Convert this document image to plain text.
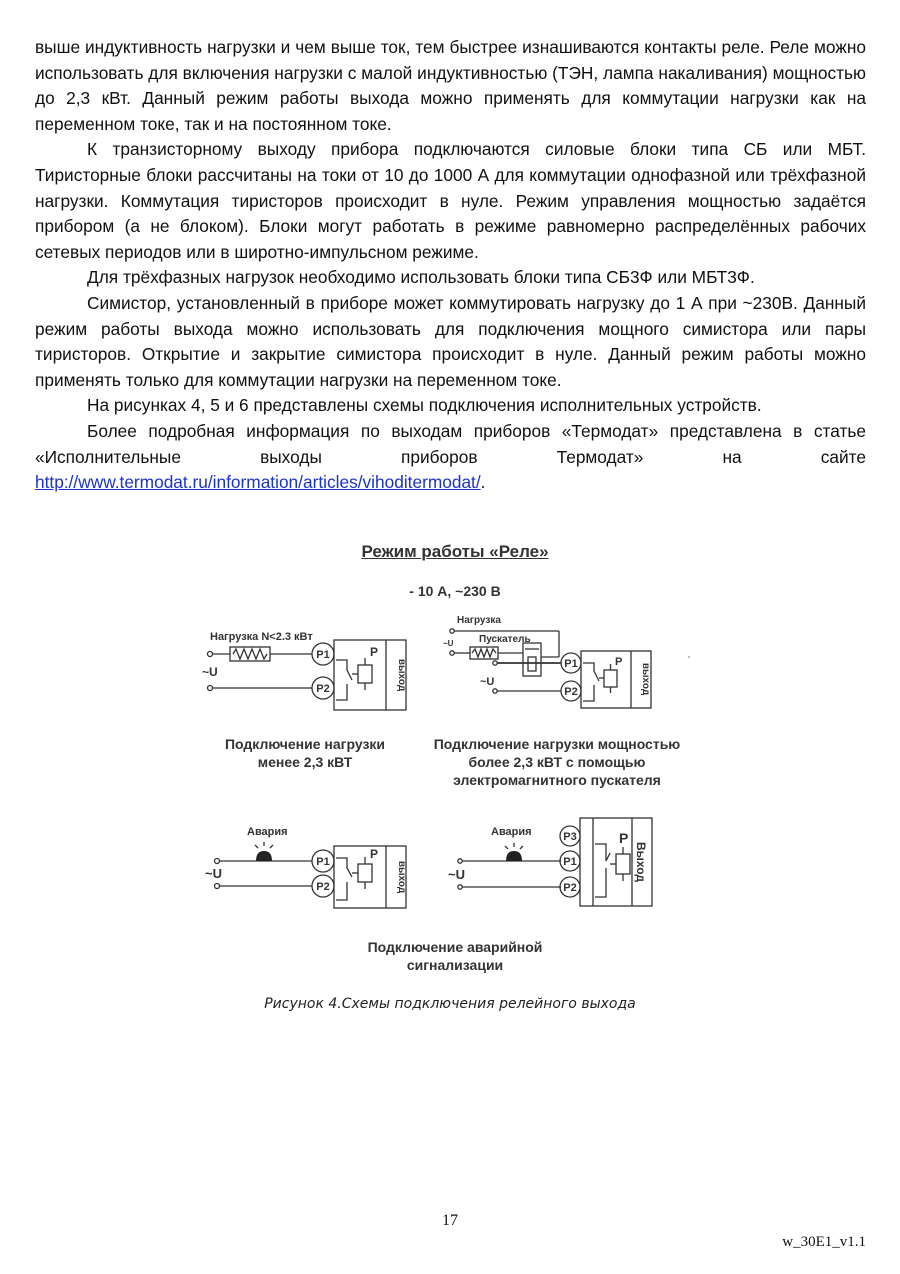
выше индуктивность нагрузки и чем выше ток, тем быстрее изнашиваются контакты реле. Реле можно использовать для включения нагрузки с малой индуктивностью (ТЭН, лампа накаливания) мощностью до 2,3 кВт. Данный режим работы выхода можно применять для коммутации нагрузки как на переменном токе, так и на постоянном токе.

К транзисторному выходу прибора подключаются силовые блоки типа СБ или МБТ. Тиристорные блоки рассчитаны на токи от 10 до 1000 А для коммутации однофазной или трёхфазной нагрузки. Коммутация тиристоров происходит в нуле. Режим управления мощностью задаётся прибором (а не блоком). Блоки могут работать в режиме равномерно распределённых рабочих сетевых периодов или в широтно-импульсном режиме.

Для трёхфазных нагрузок необходимо использовать блоки типа СБ3Ф или МБТ3Ф.

Симистор, установленный в приборе может коммутировать нагрузку до 1 А при ~230В. Данный режим работы выхода можно использовать для подключения мощного симистора или пары тиристоров. Открытие и закрытие симистора происходит в нуле. Данный режим работы можно применять только для коммутации нагрузки на переменном токе.

На рисунках 4, 5 и 6 представлены схемы подключения исполнительных устройств.

Более подробная информация по выходам приборов «Термодат» представлена в статье «Исполнительные выходы приборов Термодат» на сайте http://www.termodat.ru/information/articles/vihoditermodat/.

Режим работы «Реле»
- 10 А, ~230 В
Нагрузка N<2.3 кВт
~U
P1
P2
P
выход
Нагрузка
Пускатель
~U
~U
P1
P2
P
выход
Подключение нагрузки
менее 2,3 кВТ
Подключение нагрузки мощностью
более 2,3 кВТ с помощью
электромагнитного пускателя
Авария
~U
P1
P2
P
выход
Авария
~U
P3
P1
P2
P
Выход
Подключение аварийной
сигнализации
Рисунок 4.Схемы подключения релейного выхода
17
w_30E1_v1.1
